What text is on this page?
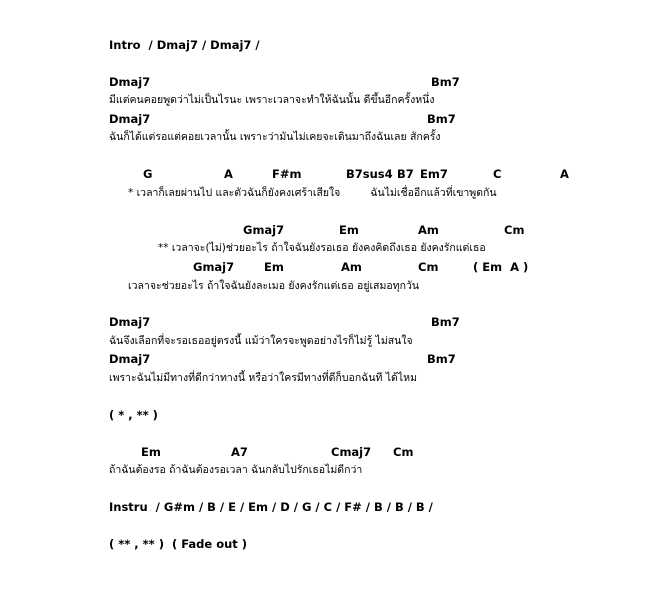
Intro  / Dmaj7 / Dmaj7 /
Dmaj7	Bm7
มีแต่คนคอยพูดว่าไม่เป็นไรนะ เพราะเวลาจะทำให้ฉันนั้น ดีขึ้นอีกครั้งหนึ่ง
Dmaj7	Bm7
ฉันก็ได้แต่รอแต่คอยเวลานั้น เพราะว่ามันไม่เคยจะเดินมาถึงฉันเลย สักครั้ง
G	A	F#m	B7sus4 B7 Em7	C	A
* เวลาก็เลยผ่านไป และตัวฉันก็ยังคงเศร้าเสียใจ         ฉันไม่เชื่ออีกแล้วที่เขาพูดกัน
Gmaj7	Em	Am	Cm
** เวลาจะ(ไม่)ช่วยอะไร ถ้าใจฉันยังรอเธอ ยังคงคิดถึงเธอ ยังคงรักแต่เธอ
Gmaj7	Em	Am	Cm	( Em  A )
เวลาจะช่วยอะไร ถ้าใจฉันยังละเมอ ยังคงรักแต่เธอ อยู่เสมอทุกวัน
Dmaj7	Bm7
ฉันจึงเลือกที่จะรอเธออยู่ตรงนี้ แม้ว่าใครจะพูดอย่างไรก็ไม่รู้ ไม่สนใจ
Dmaj7	Bm7
เพราะฉันไม่มีทางที่ดีกว่าทางนี้ หรือว่าใครมีทางที่ดีก็บอกฉันที ได้ไหม
( * , ** )
Em	A7	Cmaj7 Cm
ถ้าฉันต้องรอ ถ้าฉันต้องรอเวลา ฉันกลับไปรักเธอไม่ดีกว่า
Instru  / G#m / B / E / Em / D / G / C / F# / B / B / B /
( ** , ** )  ( Fade out )
